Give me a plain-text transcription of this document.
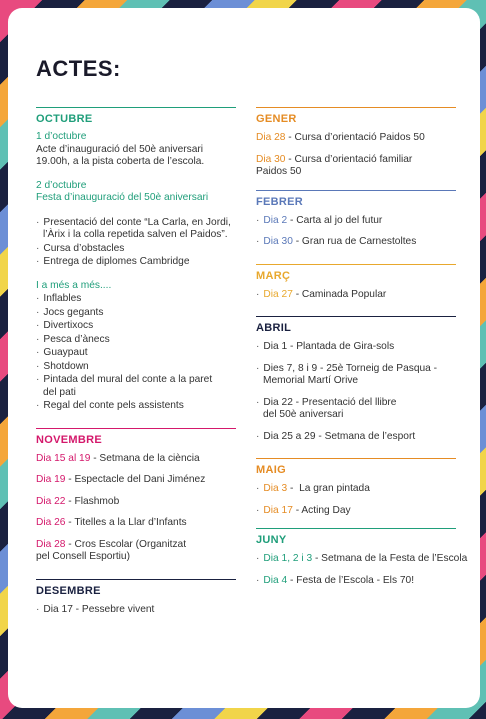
ACTES:
OCTUBRE
1 d’octubre
Acte d’inauguració del 50è aniversari
19.00h, a la pista coberta de l’escola.
2 d’octubre
Festa d’inauguració del 50è aniversari
· Presentació del conte “La Carla, en Jordi,
l’Àrix i la colla repetida salven el Paidos”.
· Cursa d’obstacles
· Entrega de diplomes Cambridge
I a més a més....
· Inflables
· Jocs gegants
· Divertixocs
· Pesca d’ànecs
· Guaypaut
· Shotdown
· Pintada del mural del conte a la paret
del pati
· Regal del conte pels assistents
NOVEMBRE
Dia 15 al 19 - Setmana de la ciència
Dia 19 - Espectacle del Dani Jiménez
Dia 22 - Flashmob
Dia 26 - Titelles a la Llar d’Infants
Dia 28 - Cros Escolar (Organitzat
pel Consell Esportiu)
DESEMBRE
· Dia 17 - Pessebre vivent
GENER
Dia 28 - Cursa d’orientació Paidos 50
Dia 30 - Cursa d’orientació familiar
Paidos 50
FEBRER
· Dia 2 - Carta al jo del futur
· Dia 30 - Gran rua de Carnestoltes
MARÇ
· Dia 27 - Caminada Popular
ABRIL
· Dia 1 - Plantada de Gira-sols
· Dies 7, 8 i 9 - 25è Torneig de Pasqua -
Memorial Martí Orive
· Dia 22 - Presentació del llibre
del 50è aniversari
· Dia 25 a 29 - Setmana de l’esport
MAIG
· Dia 3 -  La gran pintada
· Dia 17 - Acting Day
JUNY
· Dia 1, 2 i 3 - Setmana de la Festa de l’Escola
· Dia 4 - Festa de l’Escola - Els 70!
